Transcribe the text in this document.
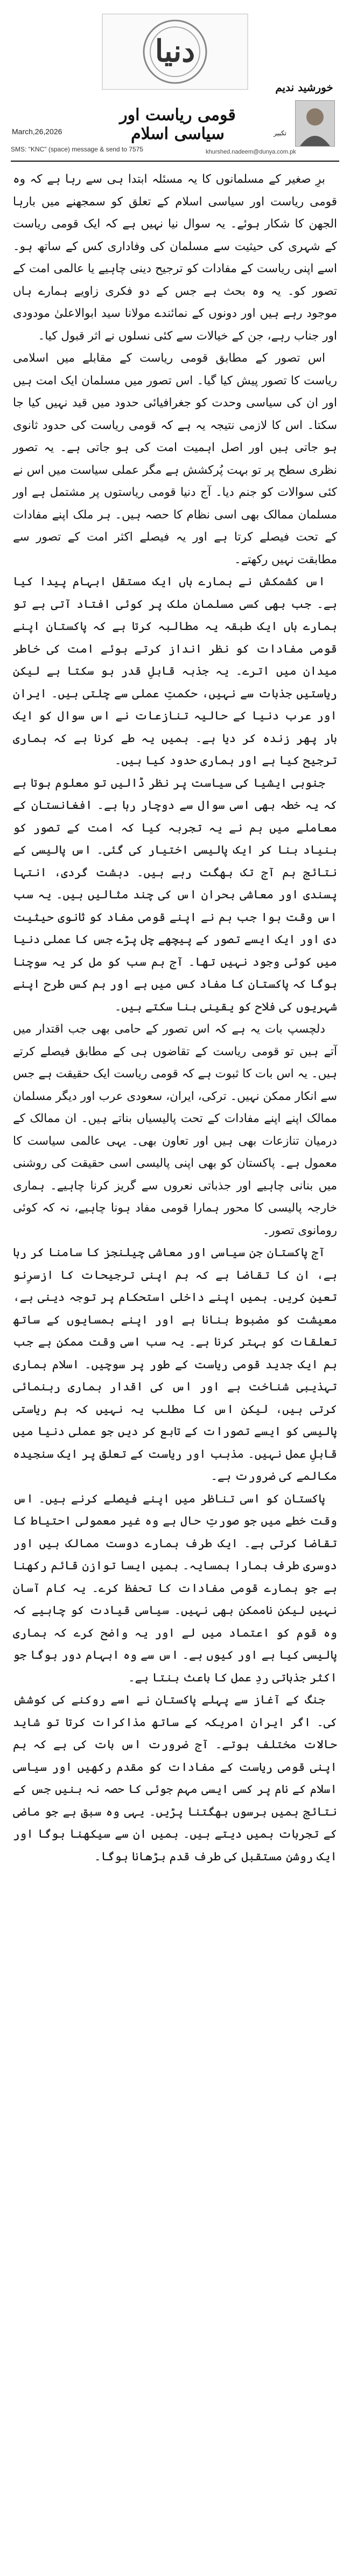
دنیا
قومی ریاست اور سیاسی اسلام
March,26,2026
SMS: "KNC" (space) message & send to 7575	khurshed.nadeem@dunya.com.pk
خورشید ندیم
تکبیر

برِ صغیر کے مسلمانوں کا یہ مسئلہ ابتدا ہی سے رہا ہے کہ وہ قومی ریاست اور سیاسی اسلام کے تعلق کو سمجھنے میں بارہا الجھن کا شکار ہوئے۔ یہ سوال نیا نہیں ہے کہ ایک قومی ریاست کے شہری کی حیثیت سے مسلمان کی وفاداری کس کے ساتھ ہو۔ اسے اپنی ریاست کے مفادات کو ترجیح دینی چاہیے یا عالمی امت کے تصور کو۔ یہ وہ بحث ہے جس کے دو فکری زاویے ہمارے ہاں موجود رہے ہیں اور دونوں کے نمائندے مولانا سید ابوالاعلیٰ مودودی اور جناب رہے، جن کے خیالات سے کئی نسلوں نے اثر قبول کیا۔

اس تصور کے مطابق قومی ریاست کے مقابلے میں اسلامی ریاست کا تصور پیش کیا گیا۔ اس تصور میں مسلمان ایک امت ہیں اور ان کی سیاسی وحدت کو جغرافیائی حدود میں قید نہیں کیا جا سکتا۔ اس کا لازمی نتیجہ یہ ہے کہ قومی ریاست کی حدود ثانوی ہو جاتی ہیں اور اصل اہمیت امت کی ہو جاتی ہے۔ یہ تصور نظری سطح پر تو بہت پُرکشش ہے مگر عملی سیاست میں اس نے کئی سوالات کو جنم دیا۔ آج دنیا قومی ریاستوں پر مشتمل ہے اور مسلمان ممالک بھی اسی نظام کا حصہ ہیں۔ ہر ملک اپنے مفادات کے تحت فیصلے کرتا ہے اور یہ فیصلے اکثر امت کے تصور سے مطابقت نہیں رکھتے۔

اس کشمکش نے ہمارے ہاں ایک مستقل ابہام پیدا کیا ہے۔ جب بھی کسی مسلمان ملک پر کوئی افتاد آتی ہے تو ہمارے ہاں ایک طبقہ یہ مطالبہ کرتا ہے کہ پاکستان اپنے قومی مفادات کو نظر انداز کرتے ہوئے امت کی خاطر میدان میں اترے۔ یہ جذبہ قابلِ قدر ہو سکتا ہے لیکن ریاستیں جذبات سے نہیں، حکمتِ عملی سے چلتی ہیں۔ ایران اور عرب دنیا کے حالیہ تنازعات نے اس سوال کو ایک بار پھر زندہ کر دیا ہے۔ ہمیں یہ طے کرنا ہے کہ ہماری ترجیح کیا ہے اور ہماری حدود کیا ہیں۔

جنوبی ایشیا کی سیاست پر نظر ڈالیں تو معلوم ہوتا ہے کہ یہ خطہ بھی اسی سوال سے دوچار رہا ہے۔ افغانستان کے معاملے میں ہم نے یہ تجربہ کیا کہ امت کے تصور کو بنیاد بنا کر ایک پالیسی اختیار کی گئی۔ اس پالیسی کے نتائج ہم آج تک بھگت رہے ہیں۔ دہشت گردی، انتہا پسندی اور معاشی بحران اس کی چند مثالیں ہیں۔ یہ سب اس وقت ہوا جب ہم نے اپنے قومی مفاد کو ثانوی حیثیت دی اور ایک ایسے تصور کے پیچھے چل پڑے جس کا عملی دنیا میں کوئی وجود نہیں تھا۔ آج ہم سب کو مل کر یہ سوچنا ہوگا کہ پاکستان کا مفاد کس میں ہے اور ہم کس طرح اپنے شہریوں کی فلاح کو یقینی بنا سکتے ہیں۔

دلچسپ بات یہ ہے کہ اس تصور کے حامی بھی جب اقتدار میں آتے ہیں تو قومی ریاست کے تقاضوں ہی کے مطابق فیصلے کرتے ہیں۔ یہ اس بات کا ثبوت ہے کہ قومی ریاست ایک حقیقت ہے جس سے انکار ممکن نہیں۔ ترکی، ایران، سعودی عرب اور دیگر مسلمان ممالک اپنے اپنے مفادات کے تحت پالیسیاں بناتے ہیں۔ ان ممالک کے درمیان تنازعات بھی ہیں اور تعاون بھی۔ یہی عالمی سیاست کا معمول ہے۔ پاکستان کو بھی اپنی پالیسی اسی حقیقت کی روشنی میں بنانی چاہیے اور جذباتی نعروں سے گریز کرنا چاہیے۔ ہماری خارجہ پالیسی کا محور ہمارا قومی مفاد ہونا چاہیے، نہ کہ کوئی رومانوی تصور۔

آج پاکستان جن سیاسی اور معاشی چیلنجز کا سامنا کر رہا ہے، ان کا تقاضا ہے کہ ہم اپنی ترجیحات کا ازسرِنو تعین کریں۔ ہمیں اپنے داخلی استحکام پر توجہ دینی ہے، معیشت کو مضبوط بنانا ہے اور اپنے ہمسایوں کے ساتھ تعلقات کو بہتر کرنا ہے۔ یہ سب اسی وقت ممکن ہے جب ہم ایک جدید قومی ریاست کے طور پر سوچیں۔ اسلام ہماری تہذیبی شناخت ہے اور اس کی اقدار ہماری رہنمائی کرتی ہیں، لیکن اس کا مطلب یہ نہیں کہ ہم ریاستی پالیسی کو ایسے تصورات کے تابع کر دیں جو عملی دنیا میں قابلِ عمل نہیں۔ مذہب اور ریاست کے تعلق پر ایک سنجیدہ مکالمے کی ضرورت ہے۔

پاکستان کو اسی تناظر میں اپنے فیصلے کرنے ہیں۔ اس وقت خطے میں جو صورتِ حال ہے وہ غیر معمولی احتیاط کا تقاضا کرتی ہے۔ ایک طرف ہمارے دوست ممالک ہیں اور دوسری طرف ہمارا ہمسایہ۔ ہمیں ایسا توازن قائم رکھنا ہے جو ہمارے قومی مفادات کا تحفظ کرے۔ یہ کام آسان نہیں لیکن ناممکن بھی نہیں۔ سیاسی قیادت کو چاہیے کہ وہ قوم کو اعتماد میں لے اور یہ واضح کرے کہ ہماری پالیسی کیا ہے اور کیوں ہے۔ اس سے وہ ابہام دور ہوگا جو اکثر جذباتی ردِ عمل کا باعث بنتا ہے۔

جنگ کے آغاز سے پہلے پاکستان نے اسے روکنے کی کوشش کی۔ اگر ایران امریکہ کے ساتھ مذاکرات کرتا تو شاید حالات مختلف ہوتے۔ آج ضرورت اس بات کی ہے کہ ہم اپنی قومی ریاست کے مفادات کو مقدم رکھیں اور سیاسی اسلام کے نام پر کسی ایسی مہم جوئی کا حصہ نہ بنیں جس کے نتائج ہمیں برسوں بھگتنا پڑیں۔ یہی وہ سبق ہے جو ماضی کے تجربات ہمیں دیتے ہیں۔ ہمیں ان سے سیکھنا ہوگا اور ایک روشن مستقبل کی طرف قدم بڑھانا ہوگا۔
